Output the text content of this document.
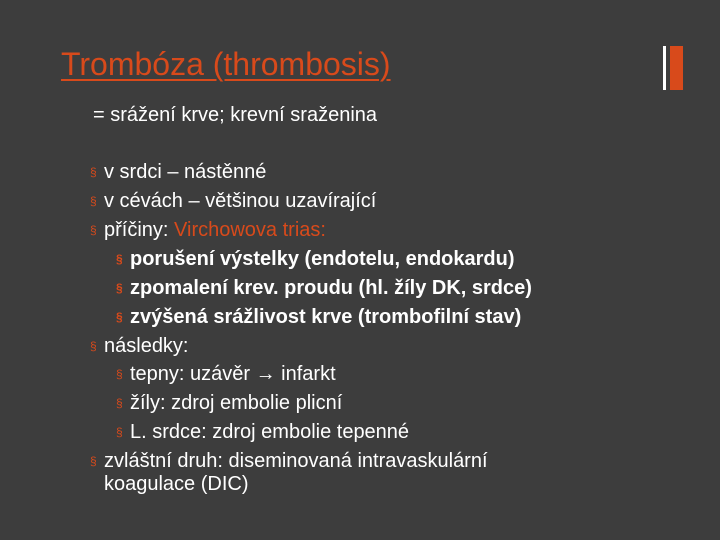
Trombóza (thrombosis)
= srážení krve; krevní sraženina
§ v srdci – nástěnné
§ v cévách – většinou uzavírající
§ příčiny: Virchowova trias:
§ porušení výstelky (endotelu, endokardu)
§ zpomalení krev. proudu (hl. žíly DK, srdce)
§ zvýšená srážlivost krve (trombofilní stav)
§ následky:
§ tepny: uzávěr → infarkt
§ žíly: zdroj embolie plicní
§ L. srdce: zdroj embolie tepenné
§ zvláštní druh: diseminovaná intravaskulární
koagulace (DIC)
